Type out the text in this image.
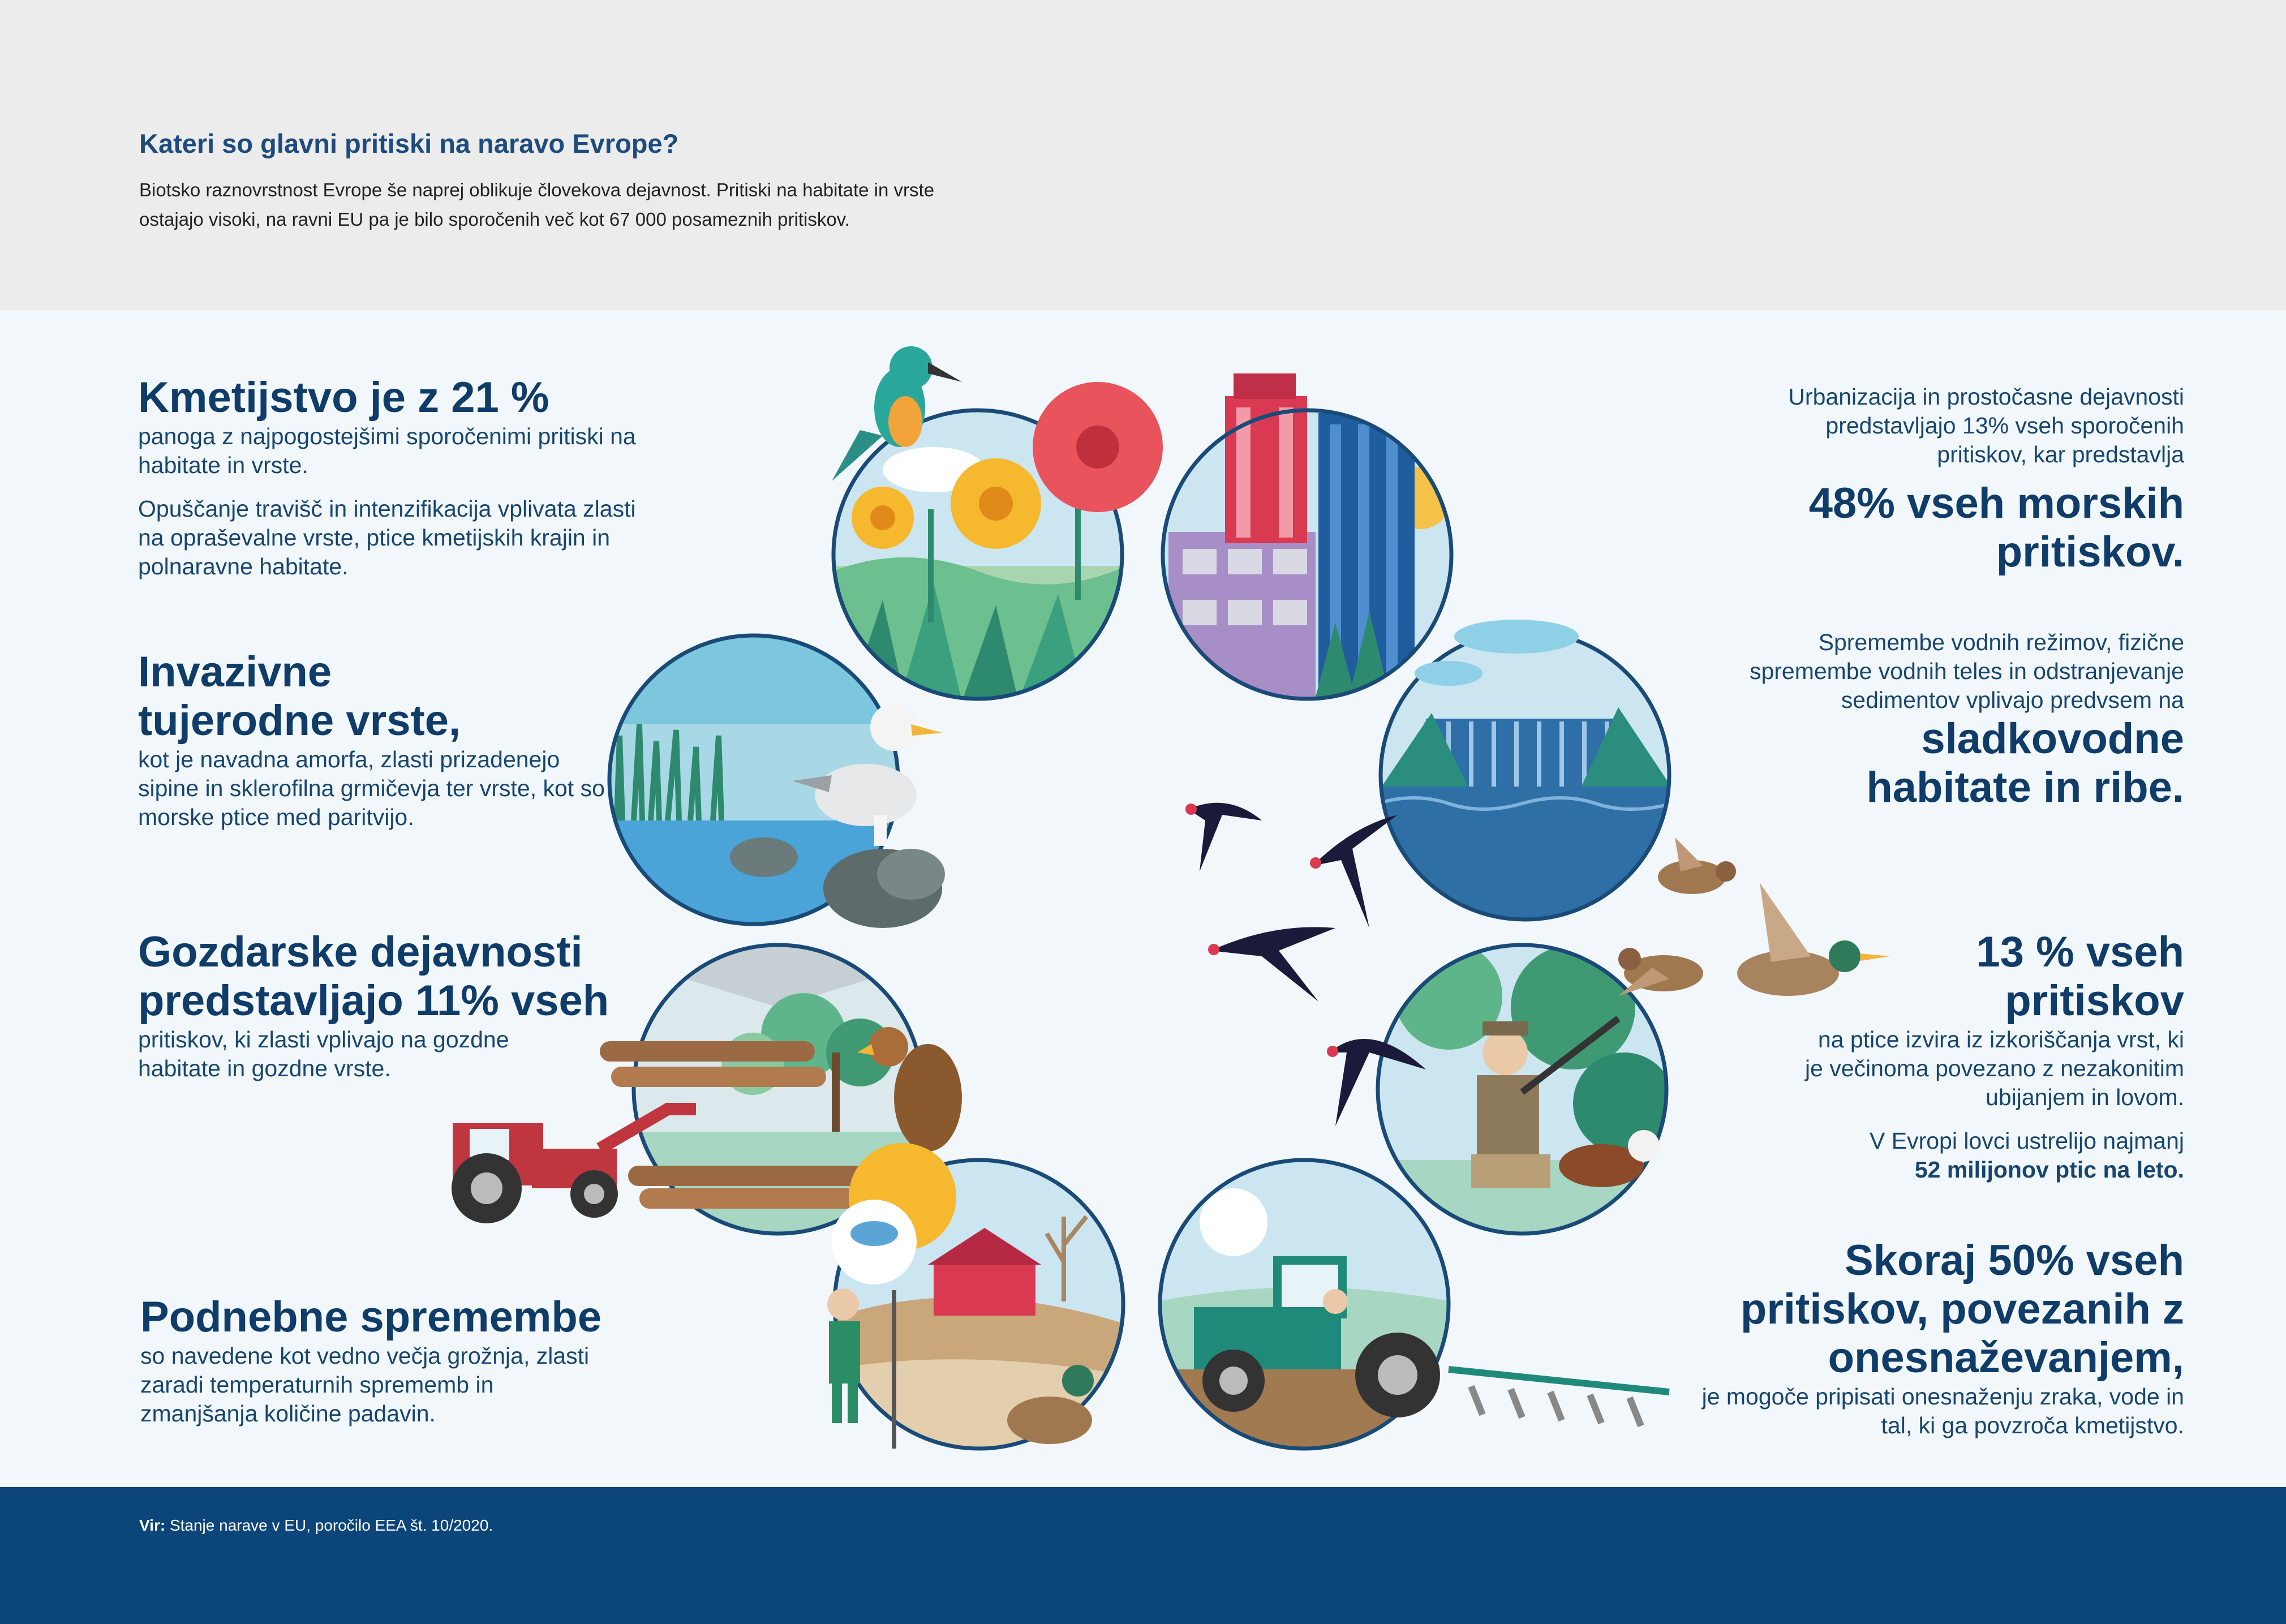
Kateri so glavni pritiski na naravo Evrope?

Biotsko raznovrstnost Evrope še naprej oblikuje človekova dejavnost. Pritiski na habitate in vrste ostajajo visoki, na ravni EU pa je bilo sporočenih več kot 67 000 posameznih pritiskov.

Kmetijstvo je z 21 %

panoga z najpogostejšimi sporočenimi pritiski na habitate in vrste.

Opuščanje travišč in intenzifikacija vplivata zlasti na opraševalne vrste, ptice kmetijskih krajin in polnaravne habitate.

Invazivne

tujerodne vrste,

kot je navadna amorfa, zlasti prizadenejo sipine in sklerofilna grmičevja ter vrste, kot so morske ptice med paritvijo.

Gozdarske dejavnosti

predstavljajo 11% vseh

pritiskov, ki zlasti vplivajo na gozdne habitate in gozdne vrste.

Podnebne spremembe

so navedene kot vedno večja grožnja, zlasti zaradi temperaturnih sprememb in zmanjšanja količine padavin.

Urbanizacija in prostočasne dejavnosti predstavljajo 13% vseh sporočenih pritiskov, kar predstavlja

48% vseh morskih

pritiskov.

Spremembe vodnih režimov, fizične spremembe vodnih teles in odstranjevanje sedimentov vplivajo predvsem na

sladkovodne

habitate in ribe.

13 % vseh

pritiskov

na ptice izvira iz izkoriščanja vrst, ki je večinoma povezano z nezakonitim ubijanjem in lovom.

V Evropi lovci ustrelijo najmanj

52 milijonov ptic na leto.

Skoraj 50% vseh

pritiskov, povezanih z

onesnaževanjem,

je mogoče pripisati onesnaženju zraka, vode in tal, ki ga povzroča kmetijstvo.

Vir: Stanje narave v EU, poročilo EEA št. 10/2020.
